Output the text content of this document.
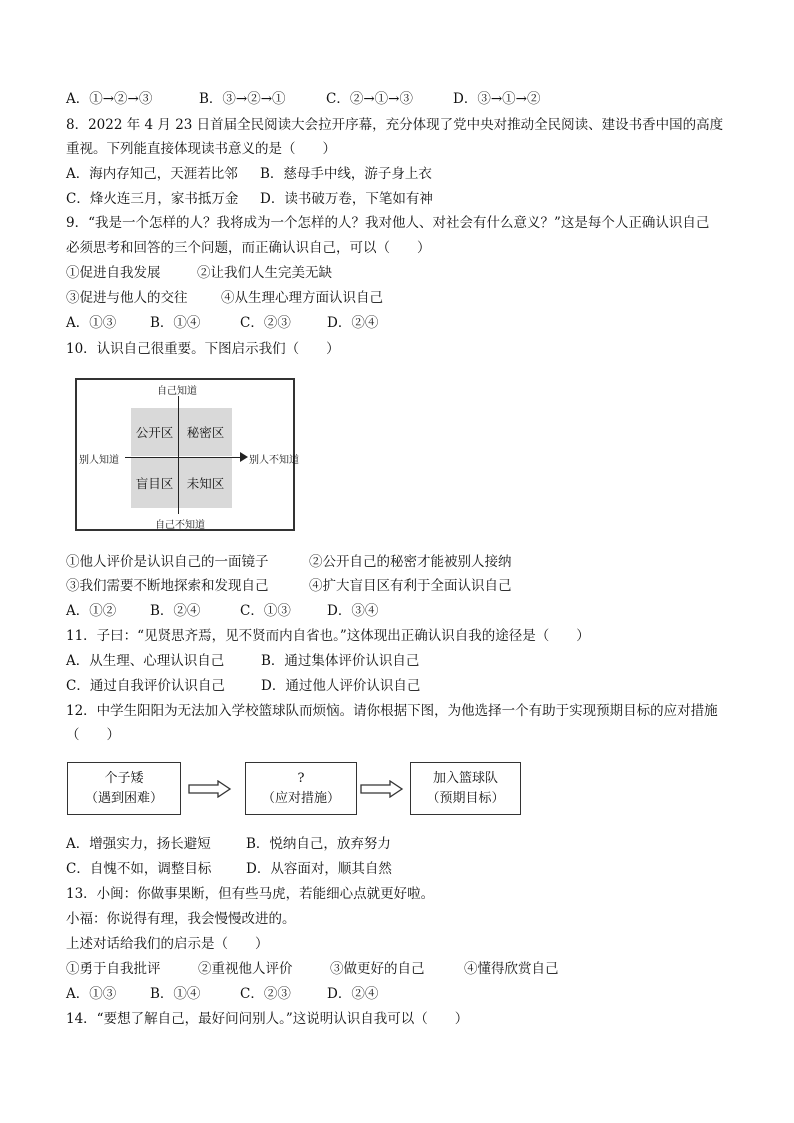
A．①→②→③	B．③→②→①	C．②→①→③	D．③→①→②
8．2022 年 4 月 23 日首届全民阅读大会拉开序幕，充分体现了党中央对推动全民阅读、建设书香中国的高度
重视。下列能直接体现读书意义的是（　　）
A．海内存知己，天涯若比邻 B．慈母手中线，游子身上衣
C．烽火连三月，家书抵万金 D．读书破万卷，下笔如有神
9．“我是一个怎样的人？我将成为一个怎样的人？我对他人、对社会有什么意义？”这是每个人正确认识自己
必须思考和回答的三个问题，而正确认识自己，可以（　　）
①促进自我发展	②让我们人生完美无缺
③促进与他人的交往 ④从生理心理方面认识自己
A．①③	B．①④	C．②③	D．②④
10．认识自己很重要。下图启示我们（　　）
公开区	秘密区
盲目区	未知区
自己知道
自己不知道
别人知道	别人不知道
①他人评价是认识自己的一面镜子	②公开自己的秘密才能被别人接纳
③我们需要不断地探索和发现自己	④扩大盲目区有利于全面认识自己
A．①②	B．②④	C．①③	D．③④
11．子曰：“见贤思齐焉，见不贤而内自省也。”这体现出正确认识自我的途径是（　　）
A．从生理、心理认识自己	B．通过集体评价认识自己
C．通过自我评价认识自己	D．通过他人评价认识自己
12．中学生阳阳为无法加入学校篮球队而烦恼。请你根据下图，为他选择一个有助于实现预期目标的应对措施
（　　）
个子矮
（遇到困难）
?
（应对措施）
加入篮球队
（预期目标）
A．增强实力，扬长避短	B．悦纳自己，放弃努力
C．自愧不如，调整目标	D．从容面对，顺其自然
13．小闽：你做事果断，但有些马虎，若能细心点就更好啦。
小福：你说得有理，我会慢慢改进的。
上述对话给我们的启示是（　　）
①勇于自我批评	②重视他人评价	③做更好的自己	④懂得欣赏自己
A．①③	B．①④	C．②③	D．②④
14．“要想了解自己，最好问问别人。”这说明认识自我可以（　　）
